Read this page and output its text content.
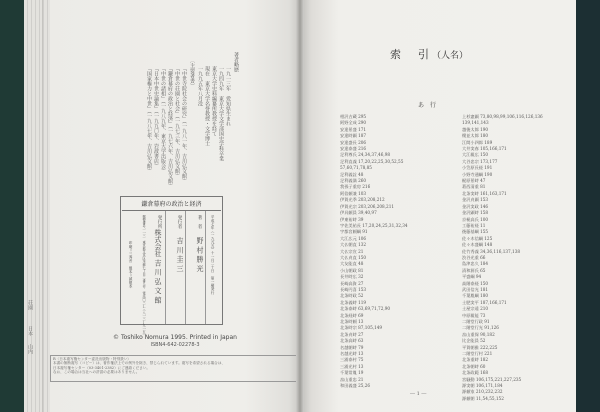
荘園
日本
山内
著者略歴
一九一三年　愛知県生まれ
一九四九年　東京大学文学部国史学科卒業
東京大学史料編纂所教授を経て
現在　東京大学名誉教授・文学博士
一九九五年八月没
〔主要著書〕
『中世寺院社会の研究』（一九八一年、吉川弘文館）
『中世の荘園と社会』（一九七三年、吉川弘文館）
『鎌倉幕府の政治と経済』（一九七六年、吉川弘文館）
『中世の諸相』（一九八九年、東京大学出版会）
『日本中世史論集』（一九九〇年、岩波書店）
『国家権力と中世』（一九八七年、吉川弘文館）
鎌倉幕府の政治と経済
平成七年（一九九五）十一月二十日　第一刷発行
著　者
野 村 勝 光
発行者
吉 川 圭 三
発行所
株式会社 吉 川 弘 文 館
郵便番号一一三　東京都文京区本郷七丁目二番八号　電話〇三―三八一三―九一五一
印刷＝三秀舎　製本＝誠製本
© Toshiko Nomura 1995. Printed in Japan
ISBN4-642-02278-3
R〈日本複写権センター委託出版物・特別扱い〉
本書の無断複写（コピー）は、著作権法上での例外を除き、禁じられています。複写を希望される場合は、
日本複写権センター（03-3401-2382）にご連絡ください。
なお、この場合は当社への許諾の必要はありません。
索　引（人名）
あ　行
相沢吉蔵 295
阿野全成 290
安達景盛 171
安達時顕 187
安達盛長 206
安達泰盛 216
足利尊氏 24,34,37,46,98
足利直義 17,20,22,25,30,52,55
57,60,71,78,85
足利義詮 48
足利義満 260
我孫子重房 216
阿倍頼兼 103
伊賀光季 203,208,212
伊賀光宗 203,206,208,211
伊具頼員 39,40,97
伊東祐時 39
宇佐美祐長 17,20,24,25,31,32,34
宇都宮頼綱 91
大江広元 106
大仏朝直 132
大仏宗宣 21
大仏貞直 150
大友能直 48
小山朝政 81
長井時広 32
長崎高資 27
長崎円喜 153
北条時政 52
北条義時 119
北条泰時 63,69,71,72,90
北条経時 69
北条時頼 13
北条時宗 87,105,149
北条貞時 27
北条高時 63
名越朝時 79
名越光時 13
三浦泰村 75
三浦光村 13
千葉常胤 19
畠山重忠 21
和田義盛 25,26
上杉憲顕 73,80,98,99,106,116,126,136
139,141,143
越後太郎 190
榎並太郎 180
江間小四郎 189
大井実春 105,166,171
大江親広 150
大谷忠宗 173,177
小笠原長経 191
小野寺通綱 190
梶原景時 47
葛西清重 81
北条実時 161,163,171
金沢貞顕 153
金沢実政 146
金沢顕時 158
京極高氏 100
工藤祐経 11
後藤基綱 155
佐々木信綱 125
佐々木盛綱 148
佐竹秀義 34,36,116,137,138
渋谷光重 66
島津忠久 184
清和源氏 65
平盛綱 94
高階泰経 150
武田信光 181
千葉胤綱 180
土肥実平 187,166,171
土屋宗遠 210
中原親能 73
二階堂行政 91
二階堂行光 91,126
畠山重保 90,182
比企能員 52
平賀朝雅 222,225
二階堂行村 221
北条重時 182
北条朝時 60
北条政範 168
宮騒動 106,175,221,227,235
源実朝 106,171,184
源頼家 210,232,232
源頼朝 11,54,55,152
― 1 ―
